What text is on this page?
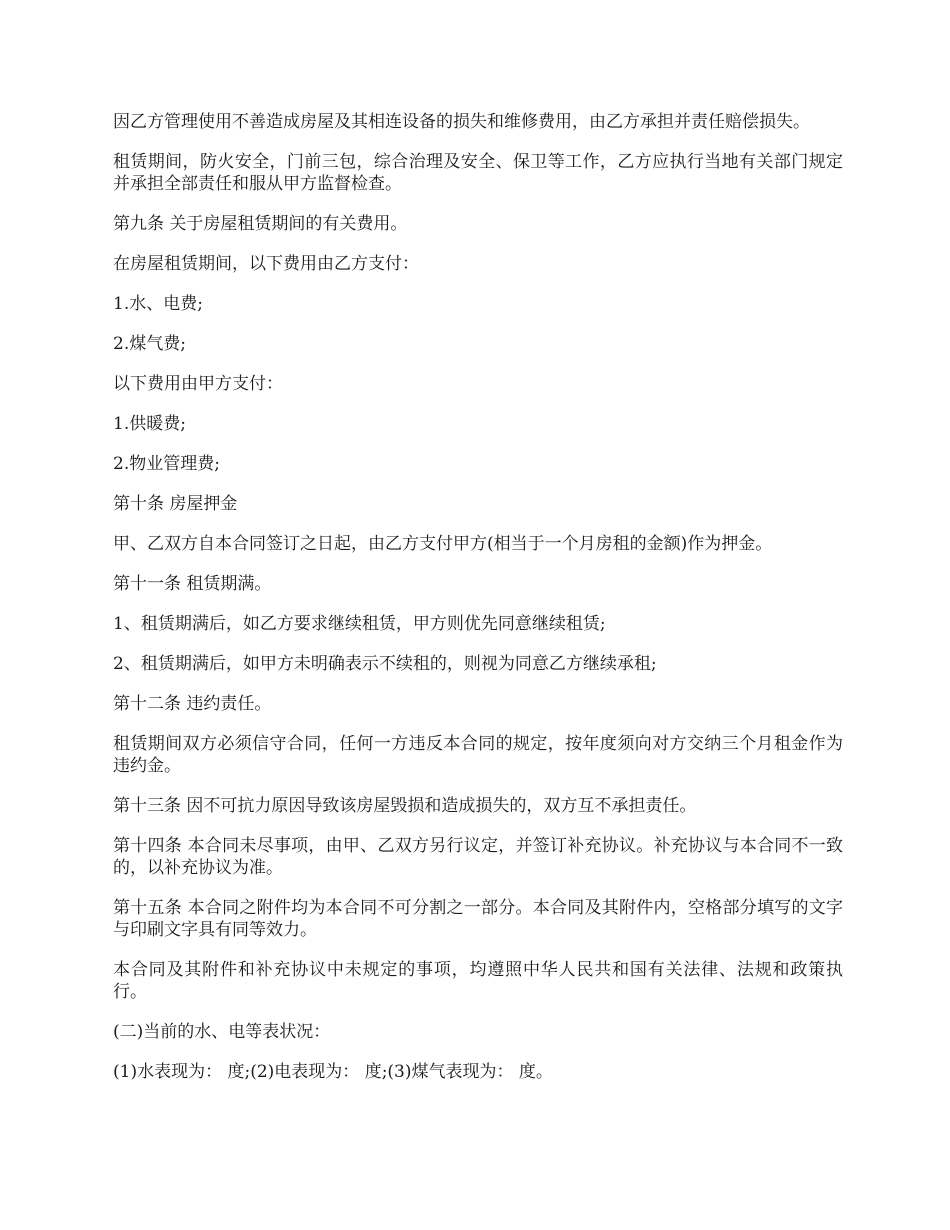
因乙方管理使用不善造成房屋及其相连设备的损失和维修费用，由乙方承担并责任赔偿损失。

租赁期间，防火安全，门前三包，综合治理及安全、保卫等工作，乙方应执行当地有关部门规定并承担全部责任和服从甲方监督检查。

第九条 关于房屋租赁期间的有关费用。

在房屋租赁期间，以下费用由乙方支付：

1.水、电费;

2.煤气费;

以下费用由甲方支付：

1.供暖费;

2.物业管理费;

第十条 房屋押金

甲、乙双方自本合同签订之日起，由乙方支付甲方(相当于一个月房租的金额)作为押金。

第十一条 租赁期满。

1、租赁期满后，如乙方要求继续租赁，甲方则优先同意继续租赁;

2、租赁期满后，如甲方未明确表示不续租的，则视为同意乙方继续承租;

第十二条 违约责任。

租赁期间双方必须信守合同，任何一方违反本合同的规定，按年度须向对方交纳三个月租金作为违约金。

第十三条 因不可抗力原因导致该房屋毁损和造成损失的，双方互不承担责任。

第十四条 本合同未尽事项，由甲、乙双方另行议定，并签订补充协议。补充协议与本合同不一致的，以补充协议为准。

第十五条 本合同之附件均为本合同不可分割之一部分。本合同及其附件内，空格部分填写的文字与印刷文字具有同等效力。

本合同及其附件和补充协议中未规定的事项，均遵照中华人民共和国有关法律、法规和政策执行。

(二)当前的水、电等表状况：

(1)水表现为： 度;(2)电表现为： 度;(3)煤气表现为： 度。
